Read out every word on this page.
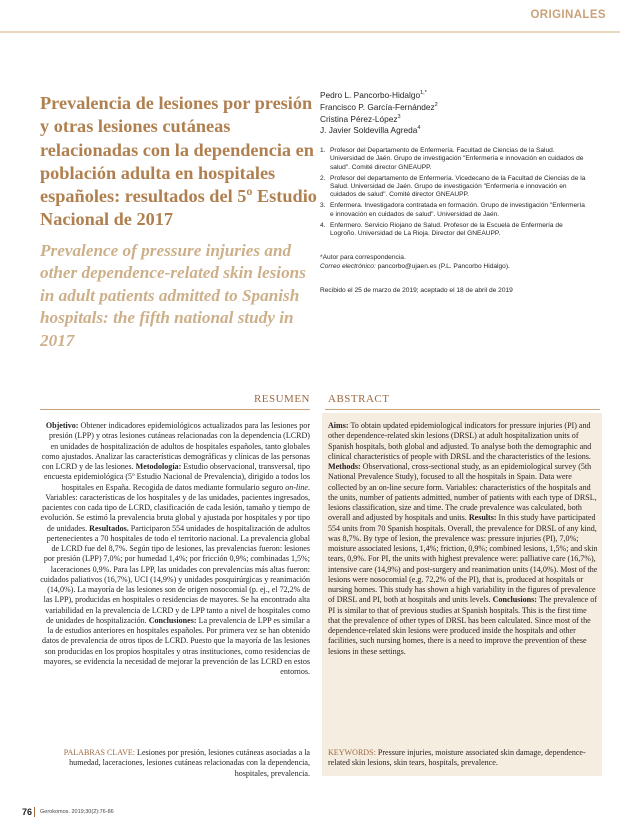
ORIGINALES
Prevalencia de lesiones por presión y otras lesiones cutáneas relacionadas con la dependencia en población adulta en hospitales españoles: resultados del 5º Estudio Nacional de 2017
Prevalence of pressure injuries and other dependence-related skin lesions in adult patients admitted to Spanish hospitals: the fifth national study in 2017
Pedro L. Pancorbo-Hidalgo$^{1,*}$
Francisco P. García-Fernández$^2$
Cristina Pérez-López$^3$
J. Javier Soldevilla Agreda$^4$
1. Profesor del Departamento de Enfermería. Facultad de Ciencias de la Salud. Universidad de Jaén. Grupo de investigación "Enfermería e innovación en cuidados de salud". Comité director GNEAUPP.
2. Profesor del departamento de Enfermería. Vicedecano de la Facultad de Ciencias de la Salud. Universidad de Jaén. Grupo de investigación "Enfermería e innovación en cuidados de salud". Comité director GNEAUPP.
3. Enfermera. Investigadora contratada en formación. Grupo de investigación "Enfermería e innovación en cuidados de salud". Universidad de Jaén.
4. Enfermero. Servicio Riojano de Salud. Profesor de la Escuela de Enfermería de Logroño. Universidad de La Rioja. Director del GNEAUPP.
*Autor para correspondencia.
Correo electrónico: pancorbo@ujaen.es (P.L. Pancorbo Hidalgo).
Recibido el 25 de marzo de 2019; aceptado el 18 de abril de 2019
RESUMEN ABSTRACT

Objetivo: Obtener indicadores epidemiológicos actualizados para las lesiones por presión (LPP) y otras lesiones cutáneas relacionadas con la dependencia (LCRD) en unidades de hospitalización de adultos de hospitales españoles, tanto globales como ajustados. Analizar las características demográficas y clínicas de las personas con LCRD y de las lesiones. Metodología: Estudio observacional, transversal, tipo encuesta epidemiológica (5º Estudio Nacional de Prevalencia), dirigido a todos los hospitales en España. Recogida de datos mediante formulario seguro on-line. Variables: características de los hospitales y de las unidades, pacientes ingresados, pacientes con cada tipo de LCRD, clasificación de cada lesión, tamaño y tiempo de evolución. Se estimó la prevalencia bruta global y ajustada por hospitales y por tipo de unidades. Resultados. Participaron 554 unidades de hospitalización de adultos pertenecientes a 70 hospitales de todo el territorio nacional. La prevalencia global de LCRD fue del 8,7%. Según tipo de lesiones, las prevalencias fueron: lesiones por presión (LPP) 7,0%; por humedad 1,4%; por fricción 0,9%; combinadas 1,5%; laceraciones 0,9%. Para las LPP, las unidades con prevalencias más altas fueron: cuidados paliativos (16,7%), UCI (14,9%) y unidades posquirúrgicas y reanimación (14,0%). La mayoría de las lesiones son de origen nosocomial (p. ej., el 72,2% de las LPP), producidas en hospitales o residencias de mayores. Se ha encontrado alta variabilidad en la prevalencia de LCRD y de LPP tanto a nivel de hospitales como de unidades de hospitalización. Conclusiones: La prevalencia de LPP es similar a la de estudios anteriores en hospitales españoles. Por primera vez se han obtenido datos de prevalencia de otros tipos de LCRD. Puesto que la mayoría de las lesiones son producidas en los propios hospitales y otras instituciones, como residencias de mayores, se evidencia la necesidad de mejorar la prevención de las LCRD en estos entornos.

PALABRAS CLAVE: Lesiones por presión, lesiones cutáneas asociadas a la humedad, laceraciones, lesiones cutáneas relacionadas con la dependencia, hospitales, prevalencia.

Aims: To obtain updated epidemiological indicators for pressure injuries (PI) and other dependence-related skin lesions (DRSL) at adult hospitalization units of Spanish hospitals, both global and adjusted. To analyse both the demographic and clinical characteristics of people with DRSL and the characteristics of the lesions. Methods: Observational, cross-sectional study, as an epidemiological survey (5th National Prevalence Study), focused to all the hospitals in Spain. Data were collected by an on-line secure form. Variables: characteristics of the hospitals and the units, number of patients admitted, number of patients with each type of DRSL, lesions classification, size and time. The crude prevalence was calculated, both overall and adjusted by hospitals and units. Results: In this study have participated 554 units from 70 Spanish hospitals. Overall, the prevalence for DRSL of any kind, was 8,7%. By type of lesion, the prevalence was: pressure injuries (PI), 7,0%; moisture associated lesions, 1,4%; friction, 0,9%; combined lesions, 1,5%; and skin tears, 0,9%. For PI, the units with highest prevalence were: palliative care (16,7%), intensive care (14,9%) and post-surgery and reanimation units (14,0%). Most of the lesions were nosocomial (e.g. 72,2% of the PI), that is, produced at hospitals or nursing homes. This study has shown a high variability in the figures of prevalence of DRSL and PI, both at hospitals and units levels. Conclusions: The prevalence of PI is similar to that of previous studies at Spanish hospitals. This is the first time that the prevalence of other types of DRSL has been calculated. Since most of the dependence-related skin lesions were produced inside the hospitals and other facilities, such nursing homes, there is a need to improve the prevention of these lesions in these settings.

KEYWORDS: Pressure injuries, moisture associated skin damage, dependence-related skin lesions, skin tears, hospitals, prevalence.

76 Gerokomos. 2019;30(2):76-86
